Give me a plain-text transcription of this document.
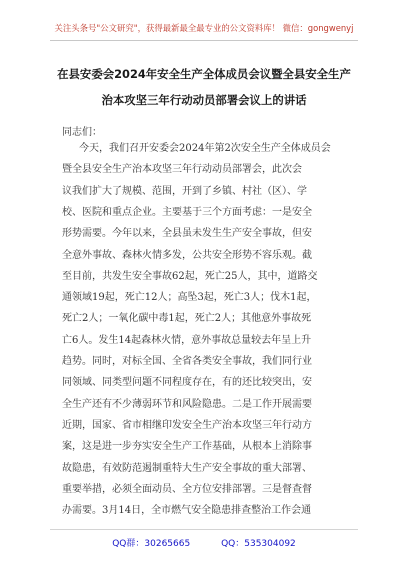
关注头条号"公文研究"，获得最新最全最专业的公文资料库！ 微信：gongwenyj
在县安委会2024年安全生产全体成员会议暨全县安全生产
治本攻坚三年行动动员部署会议上的讲话
同志们：
今天，我们召开安委会2024年第2次安全生产全体成员会
暨全县安全生产治本攻坚三年行动动员部署会，此次会
议我们扩大了规模、范围，开到了乡镇、村社（区）、学
校、医院和重点企业。主要基于三个方面考虑：一是安全
形势需要。今年以来，全县虽未发生生产安全事故，但安
全意外事故、森林火情多发，公共安全形势不容乐观。截
至目前，共发生安全事故62起，死亡25人，其中，道路交
通领域19起，死亡12人；高坠3起，死亡3人；伐木1起，
死亡2人；一氧化碳中毒1起，死亡2人；其他意外事故死
亡6人。发生14起森林火情，意外事故总量较去年呈上升
趋势。同时，对标全国、全省各类安全事故，我们同行业
同领域、同类型问题不同程度存在，有的还比较突出，安
全生产还有不少薄弱环节和风险隐患。二是工作开展需要
近期，国家、省市相继印发安全生产治本攻坚三年行动方
案，这是进一步夯实安全生产工作基础，从根本上消除事
故隐患，有效防范遏制重特大生产安全事故的重大部署、
重要举措，必须全面动员、全方位安排部署。三是督查督
办需要。3月14日，全市燃气安全隐患排查整治工作会通
QQ群：30265665	QQ：535304092
